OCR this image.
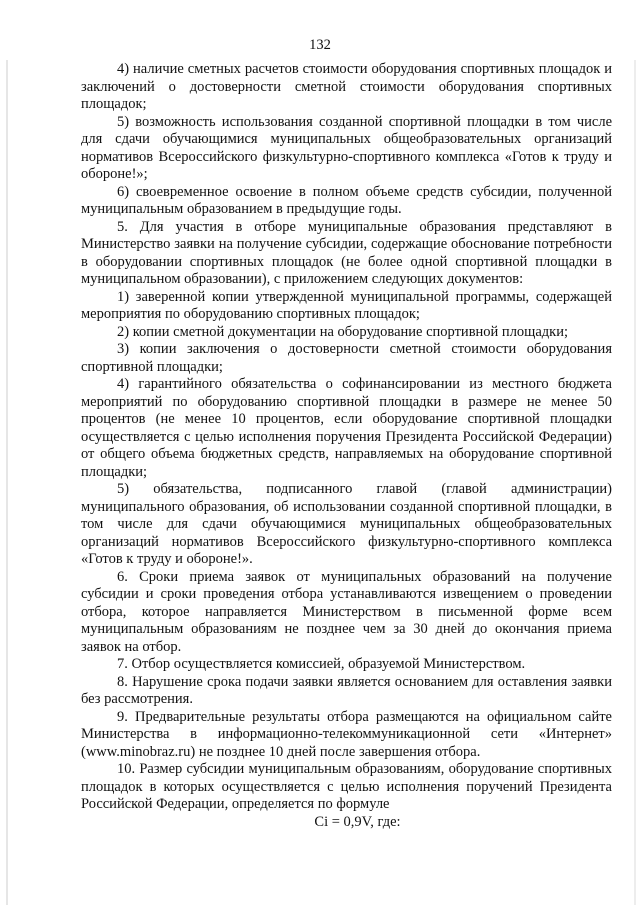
132

4) наличие сметных расчетов стоимости оборудования спортивных площадок и заключений о достоверности сметной стоимости оборудования спортивных площадок;

5) возможность использования созданной спортивной площадки в том числе для сдачи обучающимися муниципальных общеобразовательных организаций нормативов Всероссийского физкультурно-спортивного комплекса «Готов к труду и обороне!»;

6) своевременное освоение в полном объеме средств субсидии, полученной муниципальным образованием в предыдущие годы.

5. Для участия в отборе муниципальные образования представляют в Министерство заявки на получение субсидии, содержащие обоснование потребности в оборудовании спортивных площадок (не более одной спортивной площадки в муниципальном образовании), с приложением следующих документов:

1) заверенной копии утвержденной муниципальной программы, содержащей мероприятия по оборудованию спортивных площадок;

2) копии сметной документации на оборудование спортивной площадки;

3) копии заключения о достоверности сметной стоимости оборудования спортивной площадки;

4) гарантийного обязательства о софинансировании из местного бюджета мероприятий по оборудованию спортивной площадки в размере не менее 50 процентов (не менее 10 процентов, если оборудование спортивной площадки осуществляется с целью исполнения поручения Президента Российской Федерации) от общего объема бюджетных средств, направляемых на оборудование спортивной площадки;

5) обязательства, подписанного главой (главой администрации) муниципального образования, об использовании созданной спортивной площадки, в том числе для сдачи обучающимися муниципальных общеобразовательных организаций нормативов Всероссийского физкультурно-спортивного комплекса «Готов к труду и обороне!».

6. Сроки приема заявок от муниципальных образований на получение субсидии и сроки проведения отбора устанавливаются извещением о проведении отбора, которое направляется Министерством в письменной форме всем муниципальным образованиям не позднее чем за 30 дней до окончания приема заявок на отбор.

7. Отбор осуществляется комиссией, образуемой Министерством.

8. Нарушение срока подачи заявки является основанием для оставления заявки без рассмотрения.

9. Предварительные результаты отбора размещаются на официальном сайте Министерства в информационно-телекоммуникационной сети «Интернет» (www.minobraz.ru) не позднее 10 дней после завершения отбора.

10. Размер субсидии муниципальным образованиям, оборудование спортивных площадок в которых осуществляется с целью исполнения поручений Президента Российской Федерации, определяется по формуле

Ci = 0,9V, где:
